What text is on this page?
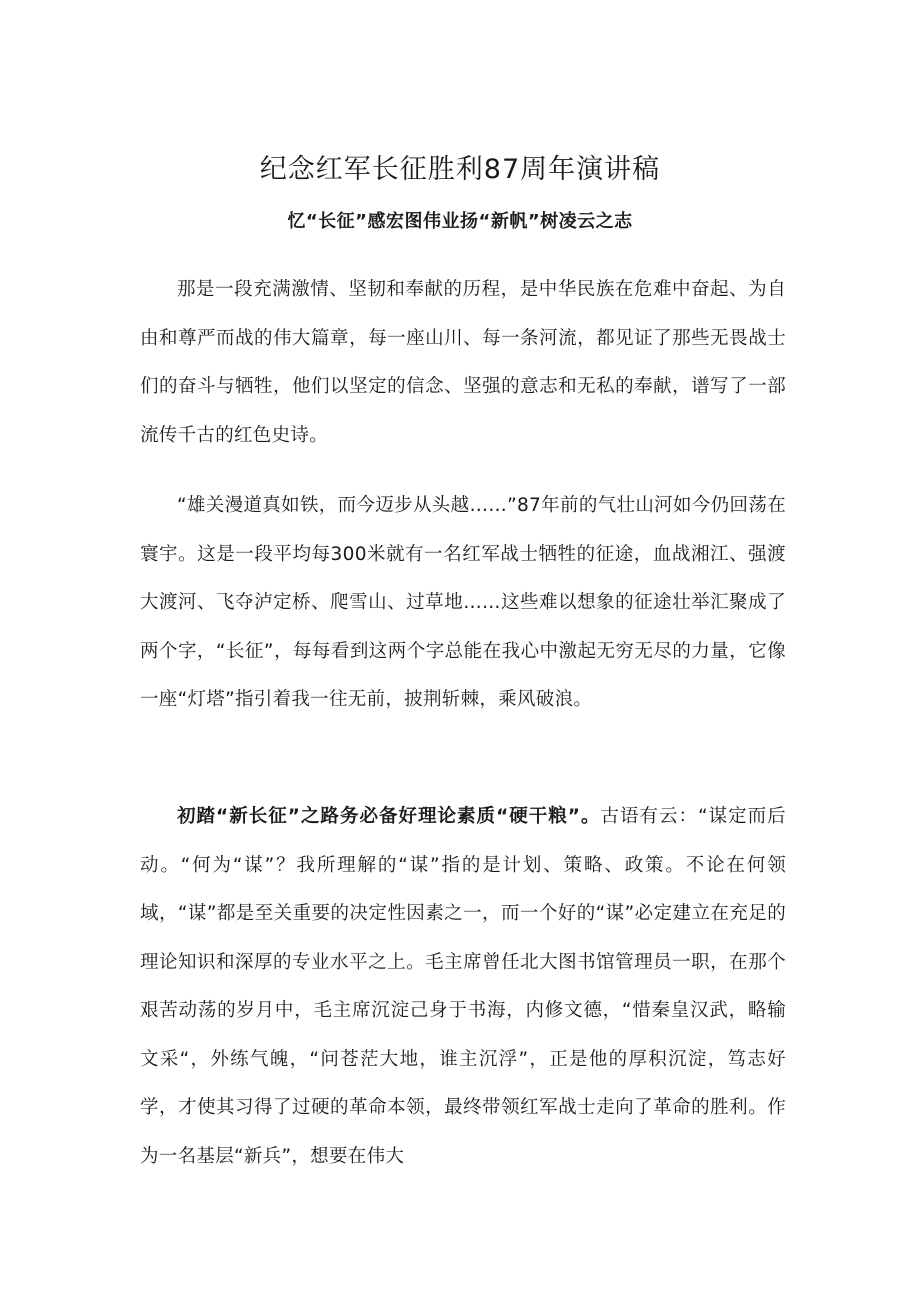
纪念红军长征胜利87周年演讲稿
忆“长征”感宏图伟业扬“新帆”树凌云之志

那是一段充满激情、坚韧和奉献的历程，是中华民族在危难中奋起、为自由和尊严而战的伟大篇章，每一座山川、每一条河流，都见证了那些无畏战士们的奋斗与牺牲，他们以坚定的信念、坚强的意志和无私的奉献，谱写了一部流传千古的红色史诗。

“雄关漫道真如铁，而今迈步从头越……”87年前的气壮山河如今仍回荡在寰宇。这是一段平均每300米就有一名红军战士牺牲的征途，血战湘江、强渡大渡河、飞夺泸定桥、爬雪山、过草地……这些难以想象的征途壮举汇聚成了两个字，“长征”，每每看到这两个字总能在我心中激起无穷无尽的力量，它像一座“灯塔”指引着我一往无前，披荆斩棘，乘风破浪。

初踏“新长征”之路务必备好理论素质“硬干粮”。古语有云：“谋定而后动。“何为“谋”？我所理解的“谋”指的是计划、策略、政策。不论在何领域，“谋”都是至关重要的决定性因素之一，而一个好的“谋”必定建立在充足的理论知识和深厚的专业水平之上。毛主席曾任北大图书馆管理员一职，在那个艰苦动荡的岁月中，毛主席沉淀己身于书海，内修文德，“惜秦皇汉武，略输文采“，外练气魄，“问苍茫大地，谁主沉浮”，正是他的厚积沉淀，笃志好学，才使其习得了过硬的革命本领，最终带领红军战士走向了革命的胜利。作为一名基层“新兵”，想要在伟大
